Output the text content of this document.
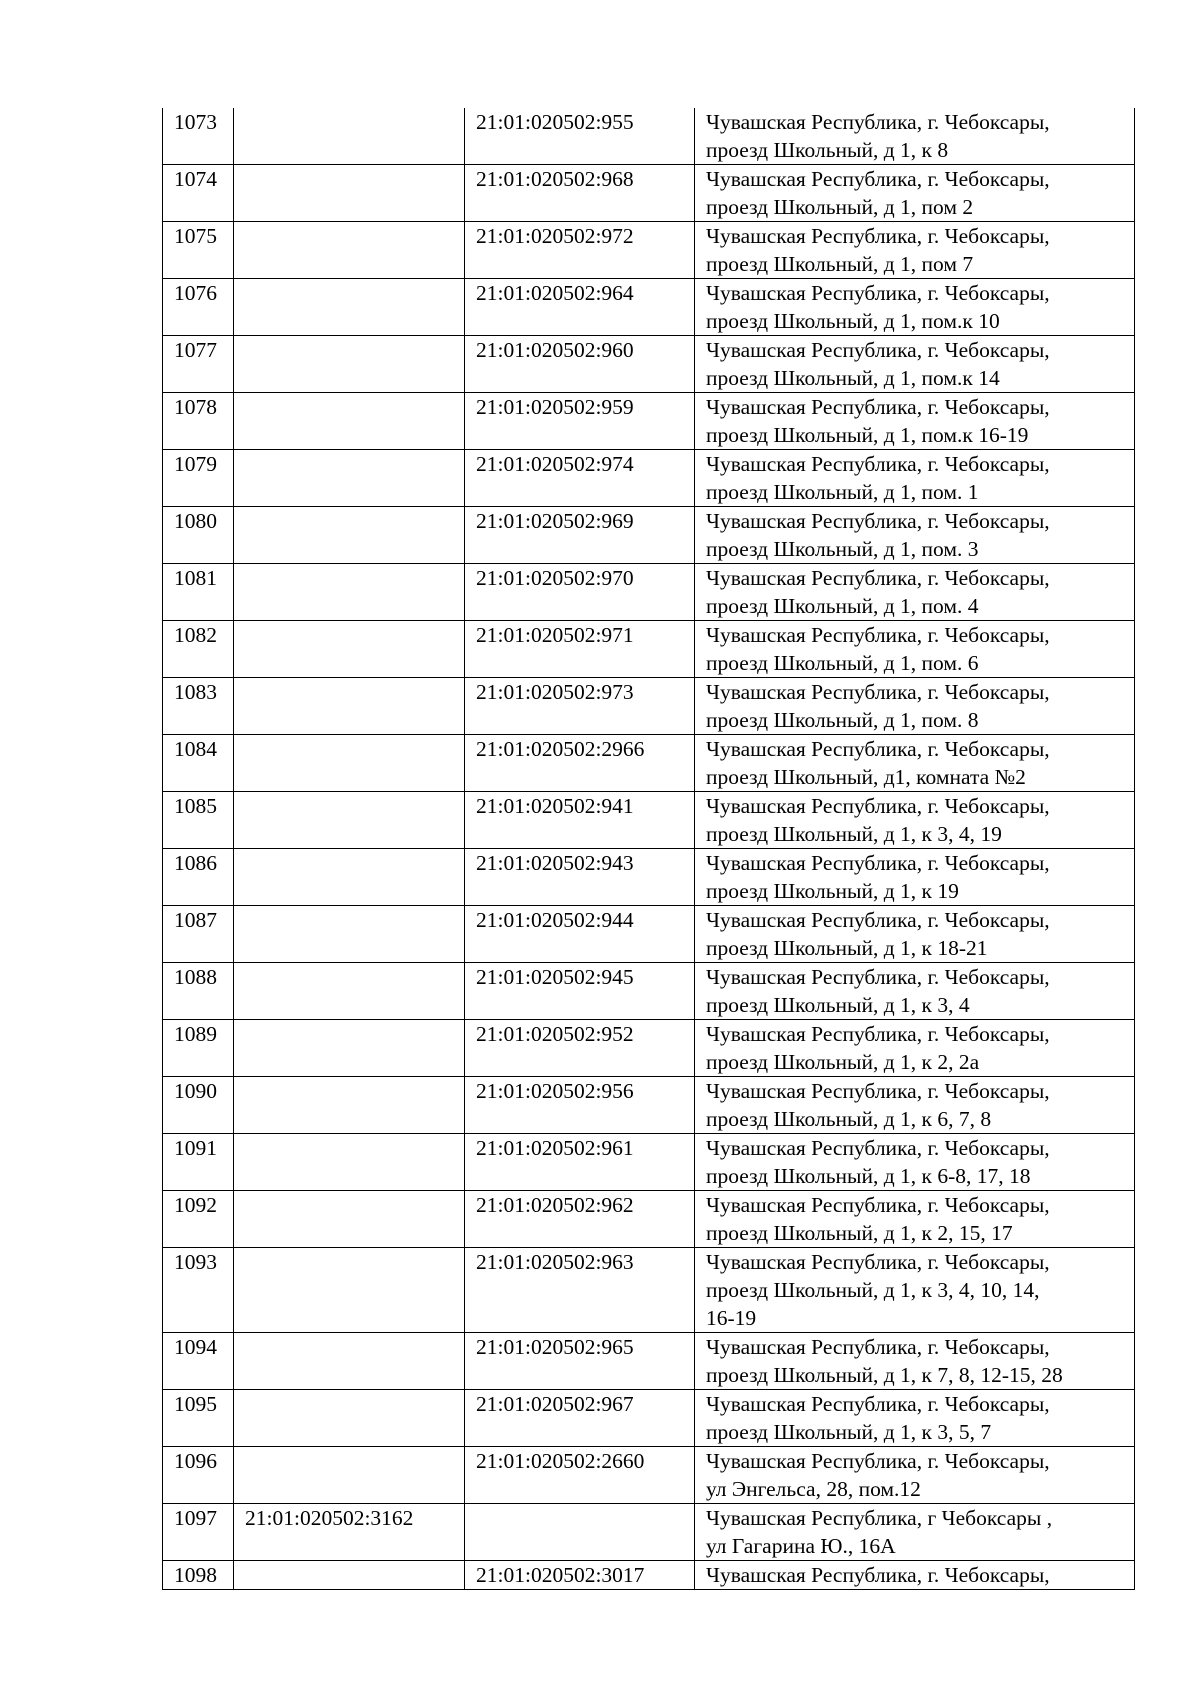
1073		21:01:020502:955	Чувашская Республика, г. Чебоксары,
проезд Школьный, д 1, к 8

1074		21:01:020502:968	Чувашская Республика, г. Чебоксары,
проезд Школьный, д 1, пом 2

1075		21:01:020502:972	Чувашская Республика, г. Чебоксары,
проезд Школьный, д 1, пом 7

1076		21:01:020502:964	Чувашская Республика, г. Чебоксары,
проезд Школьный, д 1, пом.к 10

1077		21:01:020502:960	Чувашская Республика, г. Чебоксары,
проезд Школьный, д 1, пом.к 14

1078		21:01:020502:959	Чувашская Республика, г. Чебоксары,
проезд Школьный, д 1, пом.к 16-19

1079		21:01:020502:974	Чувашская Республика, г. Чебоксары,
проезд Школьный, д 1, пом. 1

1080		21:01:020502:969	Чувашская Республика, г. Чебоксары,
проезд Школьный, д 1, пом. 3

1081		21:01:020502:970	Чувашская Республика, г. Чебоксары,
проезд Школьный, д 1, пом. 4

1082		21:01:020502:971	Чувашская Республика, г. Чебоксары,
проезд Школьный, д 1, пом. 6

1083		21:01:020502:973	Чувашская Республика, г. Чебоксары,
проезд Школьный, д 1, пом. 8

1084		21:01:020502:2966	Чувашская Республика, г. Чебоксары,
проезд Школьный, д1, комната №2

1085		21:01:020502:941	Чувашская Республика, г. Чебоксары,
проезд Школьный, д 1, к 3, 4, 19

1086		21:01:020502:943	Чувашская Республика, г. Чебоксары,
проезд Школьный, д 1, к 19

1087		21:01:020502:944	Чувашская Республика, г. Чебоксары,
проезд Школьный, д 1, к 18-21

1088		21:01:020502:945	Чувашская Республика, г. Чебоксары,
проезд Школьный, д 1, к 3, 4

1089		21:01:020502:952	Чувашская Республика, г. Чебоксары,
проезд Школьный, д 1, к 2, 2а

1090		21:01:020502:956	Чувашская Республика, г. Чебоксары,
проезд Школьный, д 1, к 6, 7, 8

1091		21:01:020502:961	Чувашская Республика, г. Чебоксары,
проезд Школьный, д 1, к 6-8, 17, 18

1092		21:01:020502:962	Чувашская Республика, г. Чебоксары,
проезд Школьный, д 1, к 2, 15, 17

1093		21:01:020502:963	Чувашская Республика, г. Чебоксары,
проезд Школьный, д 1, к 3, 4, 10, 14,
16-19

1094		21:01:020502:965	Чувашская Республика, г. Чебоксары,
проезд Школьный, д 1, к 7, 8, 12-15, 28

1095		21:01:020502:967	Чувашская Республика, г. Чебоксары,
проезд Школьный, д 1, к 3, 5, 7

1096		21:01:020502:2660	Чувашская Республика, г. Чебоксары,
ул Энгельса, 28, пом.12

1097	21:01:020502:3162		Чувашская Республика, г Чебоксары ,
ул Гагарина Ю., 16А

1098		21:01:020502:3017	Чувашская Республика, г. Чебоксары,
